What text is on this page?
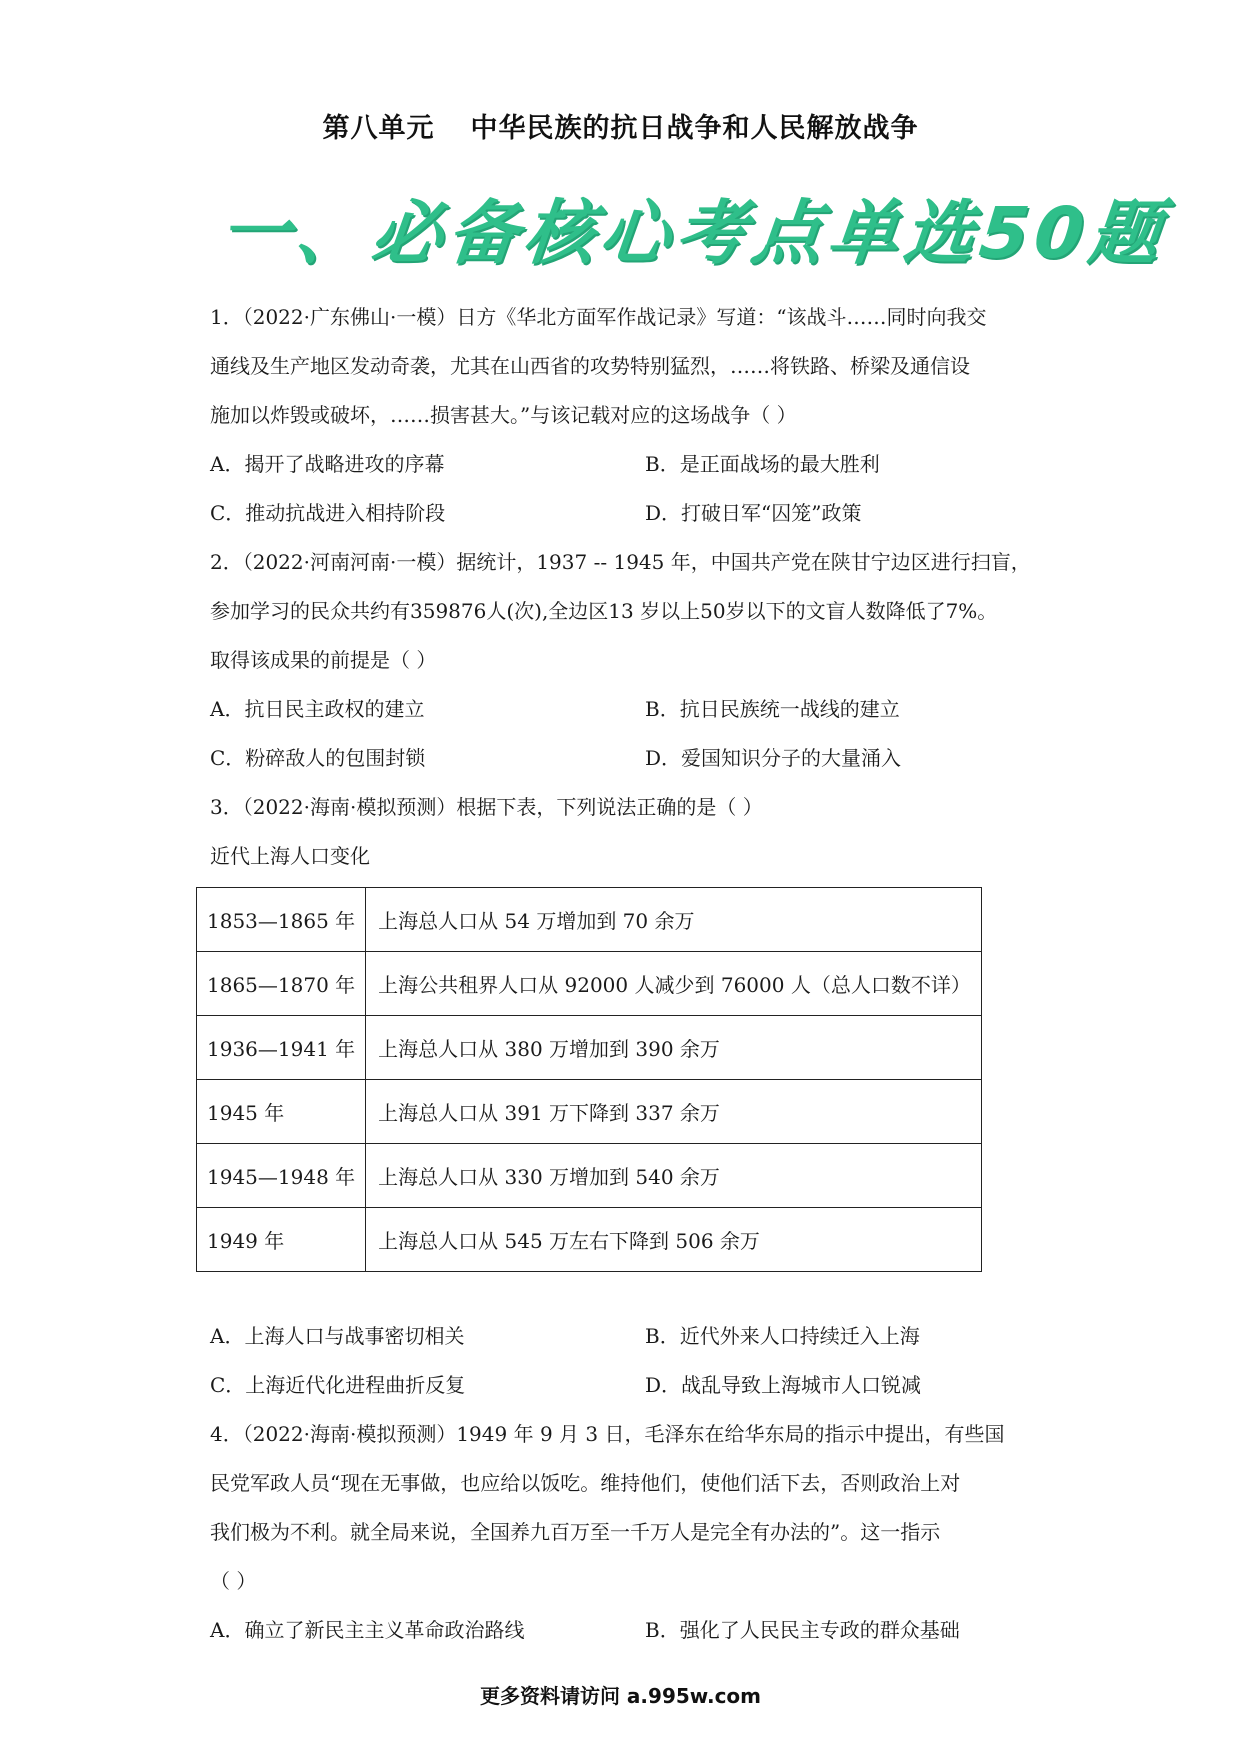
第八单元 中华民族的抗日战争和人民解放战争
一、必备核心考点单选50题
1．（2022·广东佛山·一模）日方《华北方面军作战记录》写道：“该战斗……同时向我交
通线及生产地区发动奇袭，尤其在山西省的攻势特别猛烈，……将铁路、桥梁及通信设
施加以炸毁或破坏，……损害甚大。”与该记载对应的这场战争（ ）
A．揭开了战略进攻的序幕	B．是正面战场的最大胜利
C．推动抗战进入相持阶段	D．打破日军“囚笼”政策
2．（2022·河南河南·一模）据统计，1937 -- 1945 年，中国共产党在陕甘宁边区进行扫盲，
参加学习的民众共约有359876人(次),全边区13 岁以上50岁以下的文盲人数降低了7%。
取得该成果的前提是（ ）
A．抗日民主政权的建立	B．抗日民族统一战线的建立
C．粉碎敌人的包围封锁	D．爱国知识分子的大量涌入
3．（2022·海南·模拟预测）根据下表，下列说法正确的是（ ）
近代上海人口变化
1853—1865 年	上海总人口从 54 万增加到 70 余万
1865—1870 年	上海公共租界人口从 92000 人减少到 76000 人（总人口数不详）
1936—1941 年	上海总人口从 380 万增加到 390 余万
1945 年	上海总人口从 391 万下降到 337 余万
1945—1948 年	上海总人口从 330 万增加到 540 余万
1949 年	上海总人口从 545 万左右下降到 506 余万
A．上海人口与战事密切相关	B．近代外来人口持续迁入上海
C．上海近代化进程曲折反复	D．战乱导致上海城市人口锐减
4．（2022·海南·模拟预测）1949 年 9 月 3 日，毛泽东在给华东局的指示中提出，有些国
民党军政人员“现在无事做，也应给以饭吃。维持他们，使他们活下去，否则政治上对
我们极为不利。就全局来说，全国养九百万至一千万人是完全有办法的”。这一指示
（ ）
A．确立了新民主主义革命政治路线	B．强化了人民民主专政的群众基础
更多资料请访问 a.995w.com
